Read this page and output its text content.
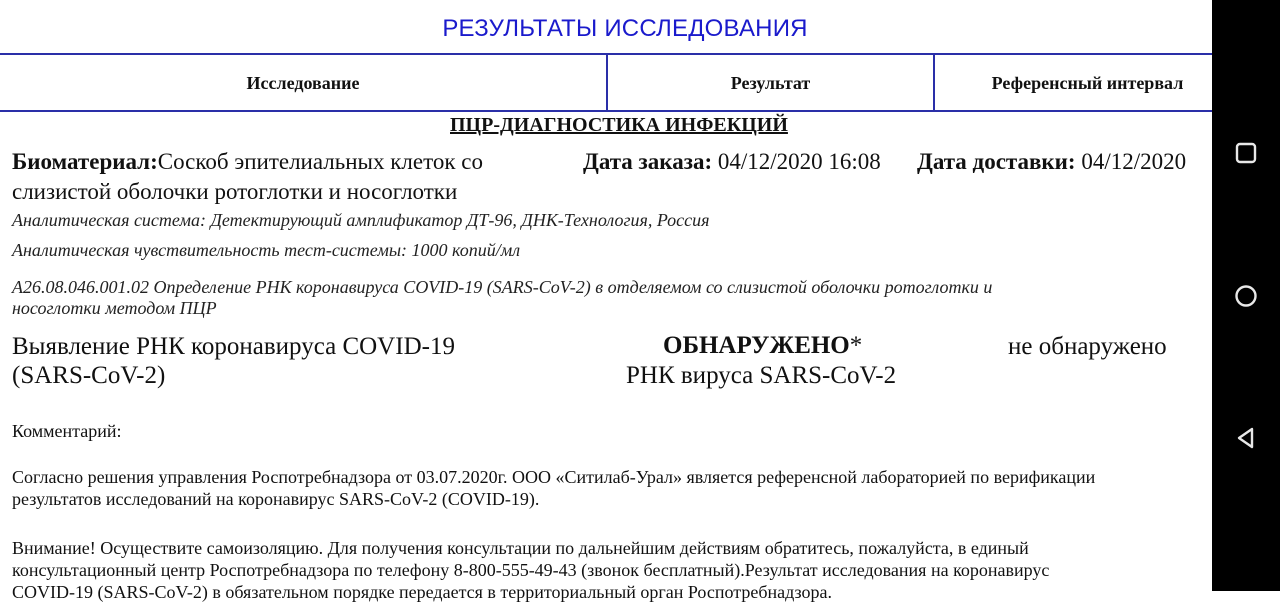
РЕЗУЛЬТАТЫ ИССЛЕДОВАНИЯ
Исследование	Результат	Референсный интервал
ПЦР-ДИАГНОСТИКА ИНФЕКЦИЙ
Биоматериал:Соскоб эпителиальных клеток со
слизистой оболочки ротоглотки и носоглотки
Дата заказа: 04/12/2020 16:08 Дата доставки: 04/12/2020
Аналитическая система: Детектирующий амплификатор ДТ-96, ДНК-Технология, Россия
Аналитическая чувствительность тест-системы: 1000 копий/мл
A26.08.046.001.02 Определение РНК коронавируса COVID-19 (SARS-CoV-2) в отделяемом со слизистой оболочки ротоглотки и
носоглотки методом ПЦР
Выявление РНК коронавируса COVID-19
(SARS-CoV-2)
ОБНАРУЖЕНО*
РНК вируса SARS-CoV-2
не обнаружено
Комментарий:
Согласно решения управления Роспотребнадзора от 03.07.2020г. ООО «Ситилаб-Урал» является референсной лабораторией по верификации
результатов исследований на коронавирус SARS-CoV-2 (COVID-19).
Внимание! Осуществите самоизоляцию. Для получения консультации по дальнейшим действиям обратитесь, пожалуйста, в единый
консультационный центр Роспотребнадзора по телефону 8-800-555-49-43 (звонок бесплатный).Результат исследования на коронавирус
COVID-19 (SARS-CoV-2) в обязательном порядке передается в территориальный орган Роспотребнадзора.
